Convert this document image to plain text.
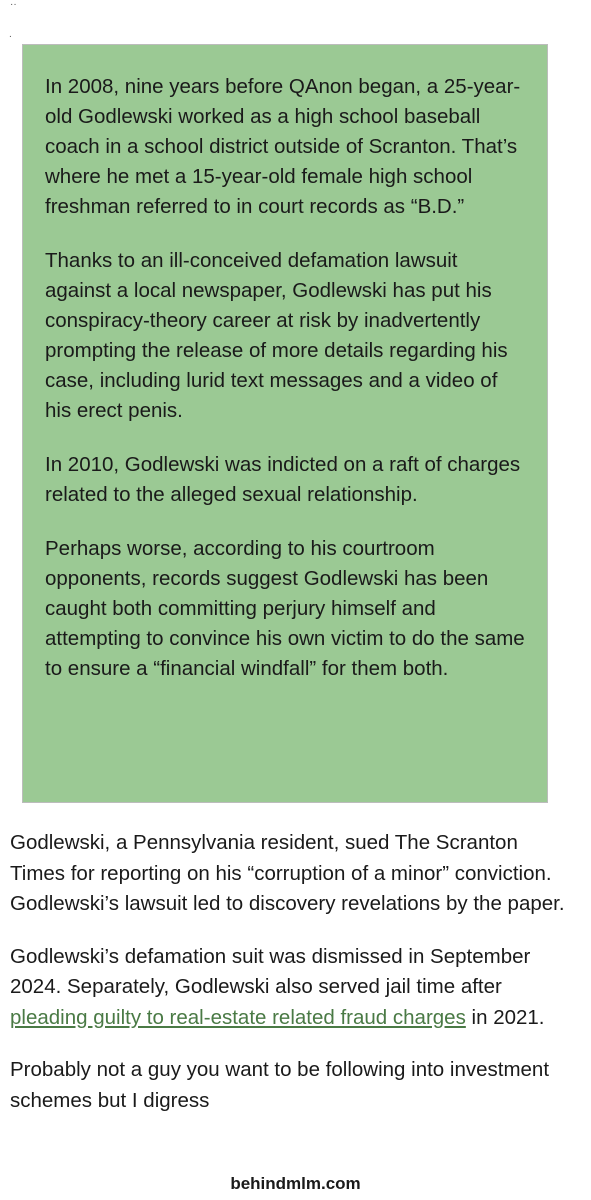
··
.

In 2008, nine years before QAnon began, a 25-year-old Godlewski worked as a high school baseball coach in a school district outside of Scranton. That’s where he met a 15-year-old female high school freshman referred to in court records as “B.D.”

Thanks to an ill-conceived defamation lawsuit against a local newspaper, Godlewski has put his conspiracy-theory career at risk by inadvertently prompting the release of more details regarding his case, including lurid text messages and a video of his erect penis.

In 2010, Godlewski was indicted on a raft of charges related to the alleged sexual relationship.

Perhaps worse, according to his courtroom opponents, records suggest Godlewski has been caught both committing perjury himself and attempting to convince his own victim to do the same to ensure a “financial windfall” for them both.

Godlewski, a Pennsylvania resident, sued The Scranton Times for reporting on his “corruption of a minor” conviction. Godlewski’s lawsuit led to discovery revelations by the paper.

Godlewski’s defamation suit was dismissed in September 2024. Separately, Godlewski also served jail time after pleading guilty to real-estate related fraud charges in 2021.

Probably not a guy you want to be following into investment schemes but I digress

behindmlm.com
